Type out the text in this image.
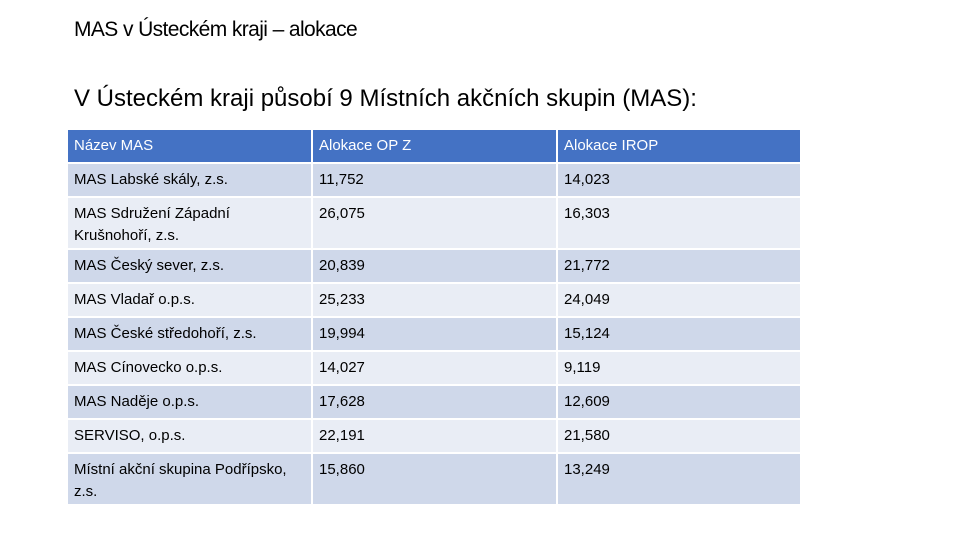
MAS v Ústeckém kraji – alokace
V Ústeckém kraji působí 9 Místních akčních skupin (MAS):
Název MAS	Alokace OP Z	Alokace IROP
MAS Labské skály, z.s.	11,752	14,023
MAS Sdružení Západní Krušnohoří, z.s.	26,075	16,303
MAS Český sever, z.s.	20,839	21,772
MAS Vladař o.p.s.	25,233	24,049
MAS České středohoří, z.s.	19,994	15,124
MAS Cínovecko o.p.s.	14,027	9,119
MAS Naděje o.p.s.	17,628	12,609
SERVISO, o.p.s.	22,191	21,580
Místní akční skupina Podřípsko, z.s.	15,860	13,249
